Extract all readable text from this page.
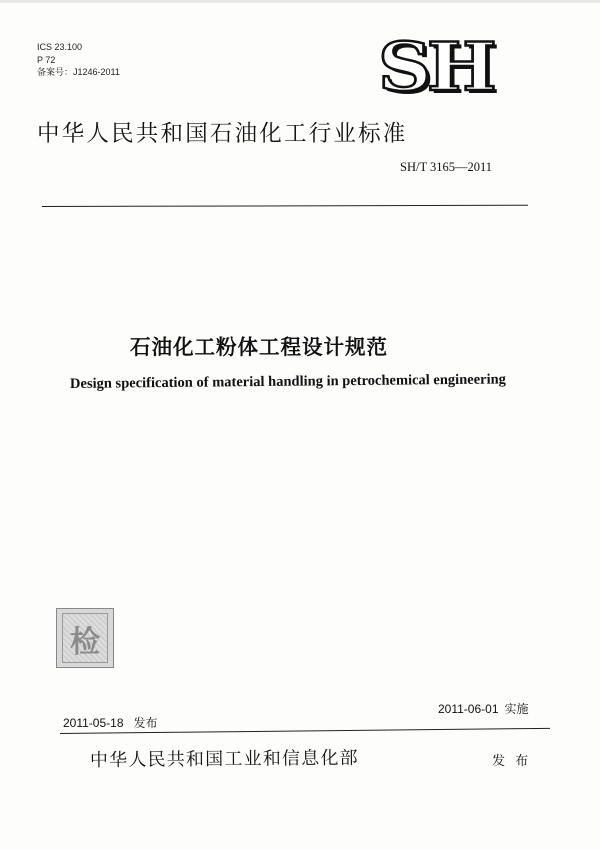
ICS 23.100
P 72
备案号：J1246-2011	SH
中华人民共和国石油化工行业标准
SH/T 3165—2011
石油化工粉体工程设计规范
Design specification of material handling in petrochemical engineering
检
2011-05-18 发布
2011-06-01 实施
中华人民共和国工业和信息化部	发 布
